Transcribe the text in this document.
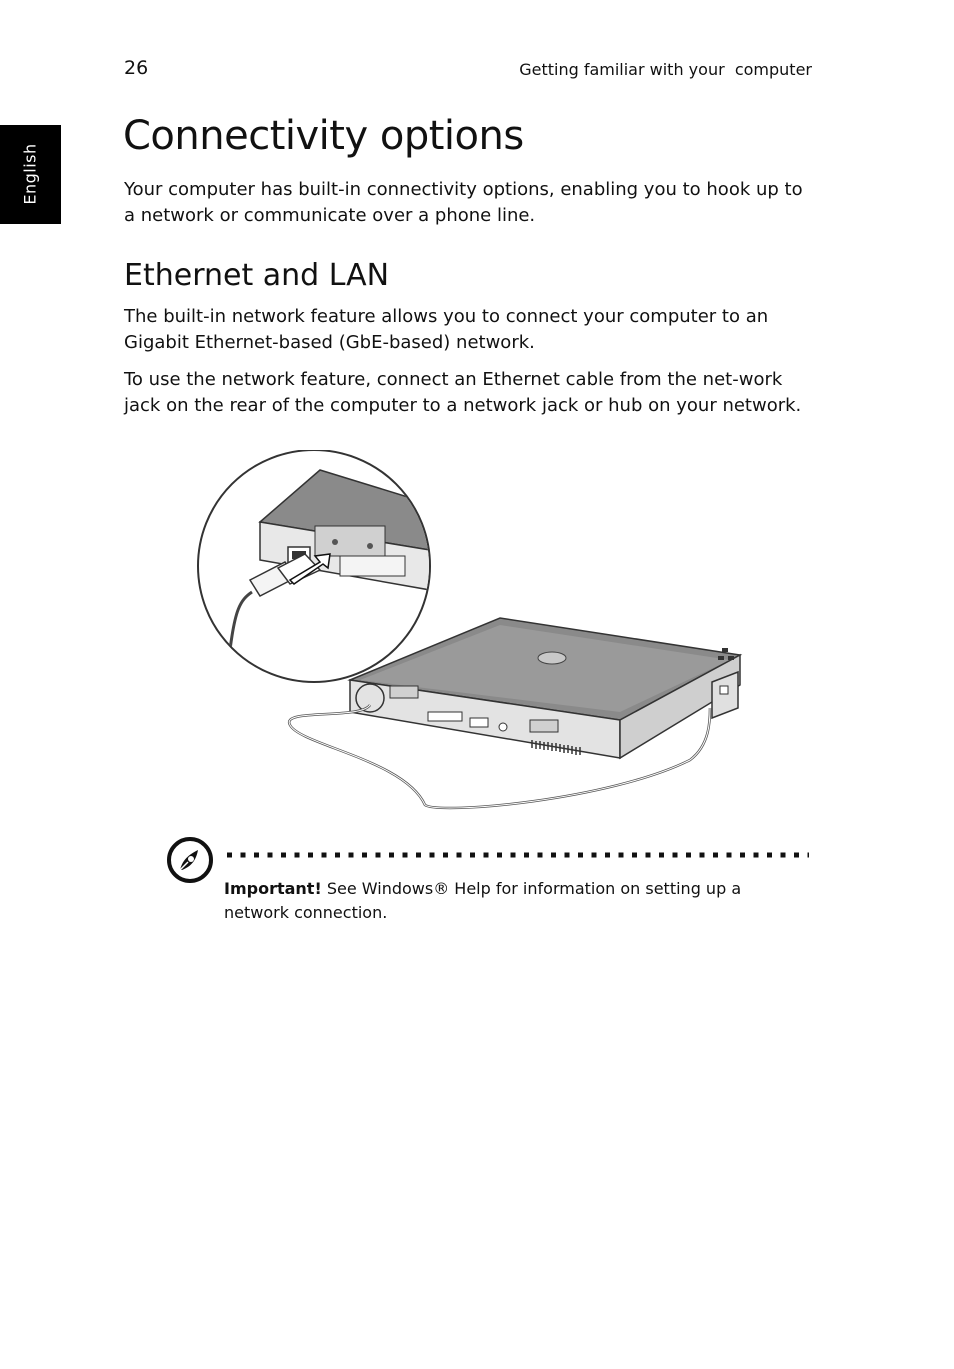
26	Getting familiar with your  computer
English
Connectivity options

Your computer has built-in connectivity options, enabling you to hook up to a network or communicate over a phone line.

Ethernet and LAN

The built-in network feature allows you to connect your computer to an Gigabit Ethernet-based (GbE-based) network.

To use the network feature, connect an Ethernet cable from the net-work jack on the rear of the computer to a network jack or hub on your network.

Important! See Windows® Help for information on setting up a network connection.
